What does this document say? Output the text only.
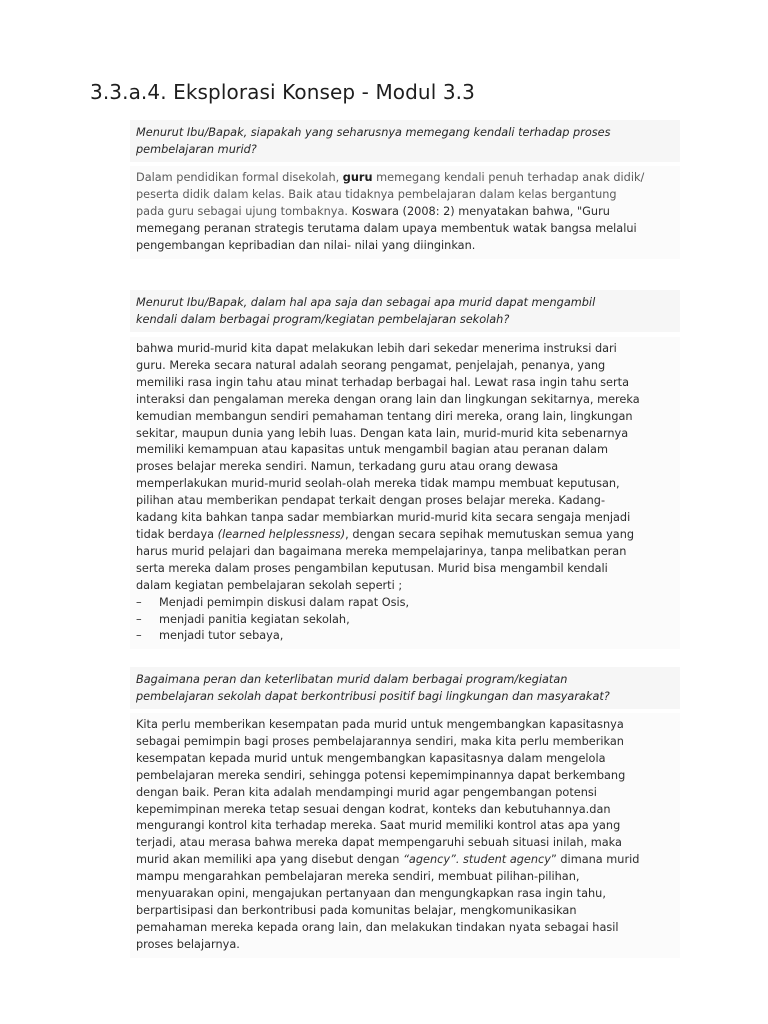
3.3.a.4. Eksplorasi Konsep - Modul 3.3
Menurut Ibu/Bapak, siapakah yang seharusnya memegang kendali terhadap proses
pembelajaran murid?
Dalam pendidikan formal disekolah, guru memegang kendali penuh terhadap anak didik/
peserta didik dalam kelas. Baik atau tidaknya pembelajaran dalam kelas bergantung
pada guru sebagai ujung tombaknya. Koswara (2008: 2) menyatakan bahwa, "Guru
memegang peranan strategis terutama dalam upaya membentuk watak bangsa melalui
pengembangan kepribadian dan nilai- nilai yang diinginkan.
Menurut Ibu/Bapak, dalam hal apa saja dan sebagai apa murid dapat mengambil
kendali dalam berbagai program/kegiatan pembelajaran sekolah?
bahwa murid-murid kita dapat melakukan lebih dari sekedar menerima instruksi dari
guru. Mereka secara natural adalah seorang pengamat, penjelajah, penanya, yang
memiliki rasa ingin tahu atau minat terhadap berbagai hal. Lewat rasa ingin tahu serta
interaksi dan pengalaman mereka dengan orang lain dan lingkungan sekitarnya, mereka
kemudian membangun sendiri pemahaman tentang diri mereka, orang lain, lingkungan
sekitar, maupun dunia yang lebih luas. Dengan kata lain, murid-murid kita sebenarnya
memiliki kemampuan atau kapasitas untuk mengambil bagian atau peranan dalam
proses belajar mereka sendiri. Namun, terkadang guru atau orang dewasa
memperlakukan murid-murid seolah-olah mereka tidak mampu membuat keputusan,
pilihan atau memberikan pendapat terkait dengan proses belajar mereka. Kadang-
kadang kita bahkan tanpa sadar membiarkan murid-murid kita secara sengaja menjadi
tidak berdaya (learned helplessness), dengan secara sepihak memutuskan semua yang
harus murid pelajari dan bagaimana mereka mempelajarinya, tanpa melibatkan peran
serta mereka dalam proses pengambilan keputusan. Murid bisa mengambil kendali
dalam kegiatan pembelajaran sekolah seperti ;
– Menjadi pemimpin diskusi dalam rapat Osis,
– menjadi panitia kegiatan sekolah,
– menjadi tutor sebaya,
Bagaimana peran dan keterlibatan murid dalam berbagai program/kegiatan
pembelajaran sekolah dapat berkontribusi positif bagi lingkungan dan masyarakat?
Kita perlu memberikan kesempatan pada murid untuk mengembangkan kapasitasnya
sebagai pemimpin bagi proses pembelajarannya sendiri, maka kita perlu memberikan
kesempatan kepada murid untuk mengembangkan kapasitasnya dalam mengelola
pembelajaran mereka sendiri, sehingga potensi kepemimpinannya dapat berkembang
dengan baik. Peran kita adalah mendampingi murid agar pengembangan potensi
kepemimpinan mereka tetap sesuai dengan kodrat, konteks dan kebutuhannya.dan
mengurangi kontrol kita terhadap mereka. Saat murid memiliki kontrol atas apa yang
terjadi, atau merasa bahwa mereka dapat mempengaruhi sebuah situasi inilah, maka
murid akan memiliki apa yang disebut dengan “agency”. student agency” dimana murid
mampu mengarahkan pembelajaran mereka sendiri, membuat pilihan-pilihan,
menyuarakan opini, mengajukan pertanyaan dan mengungkapkan rasa ingin tahu,
berpartisipasi dan berkontribusi pada komunitas belajar, mengkomunikasikan
pemahaman mereka kepada orang lain, dan melakukan tindakan nyata sebagai hasil
proses belajarnya.
